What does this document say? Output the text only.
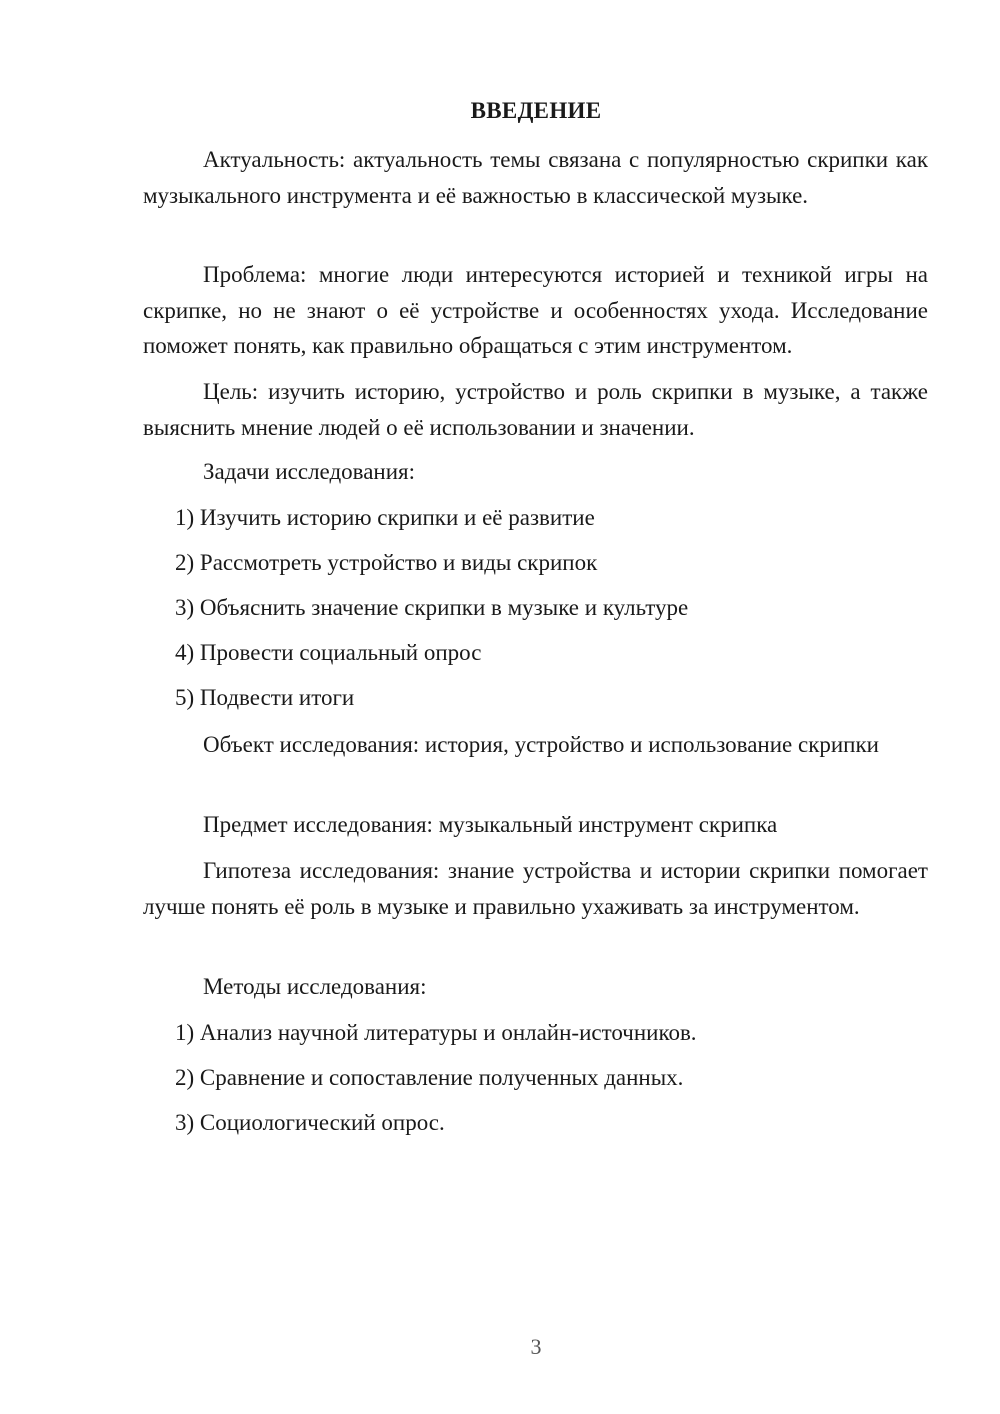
ВВЕДЕНИЕ

Актуальность: актуальность темы связана с популярностью скрипки как музыкального инструмента и её важностью в классической музыке.

Проблема: многие люди интересуются историей и техникой игры на скрипке, но не знают о её устройстве и особенностях ухода. Исследование поможет понять, как правильно обращаться с этим инструментом.

Цель: изучить историю, устройство и роль скрипки в музыке, а также выяснить мнение людей о её использовании и значении.

Задачи исследования:

1) Изучить историю скрипки и её развитие

2) Рассмотреть устройство и виды скрипок

3) Объяснить значение скрипки в музыке и культуре

4) Провести социальный опрос

5) Подвести итоги

Объект исследования: история, устройство и использование скрипки

Предмет исследования: музыкальный инструмент скрипка

Гипотеза исследования: знание устройства и истории скрипки помогает лучше понять её роль в музыке и правильно ухаживать за инструментом.

Методы исследования:

1) Анализ научной литературы и онлайн-источников.

2) Сравнение и сопоставление полученных данных.

3) Социологический опрос.

3
